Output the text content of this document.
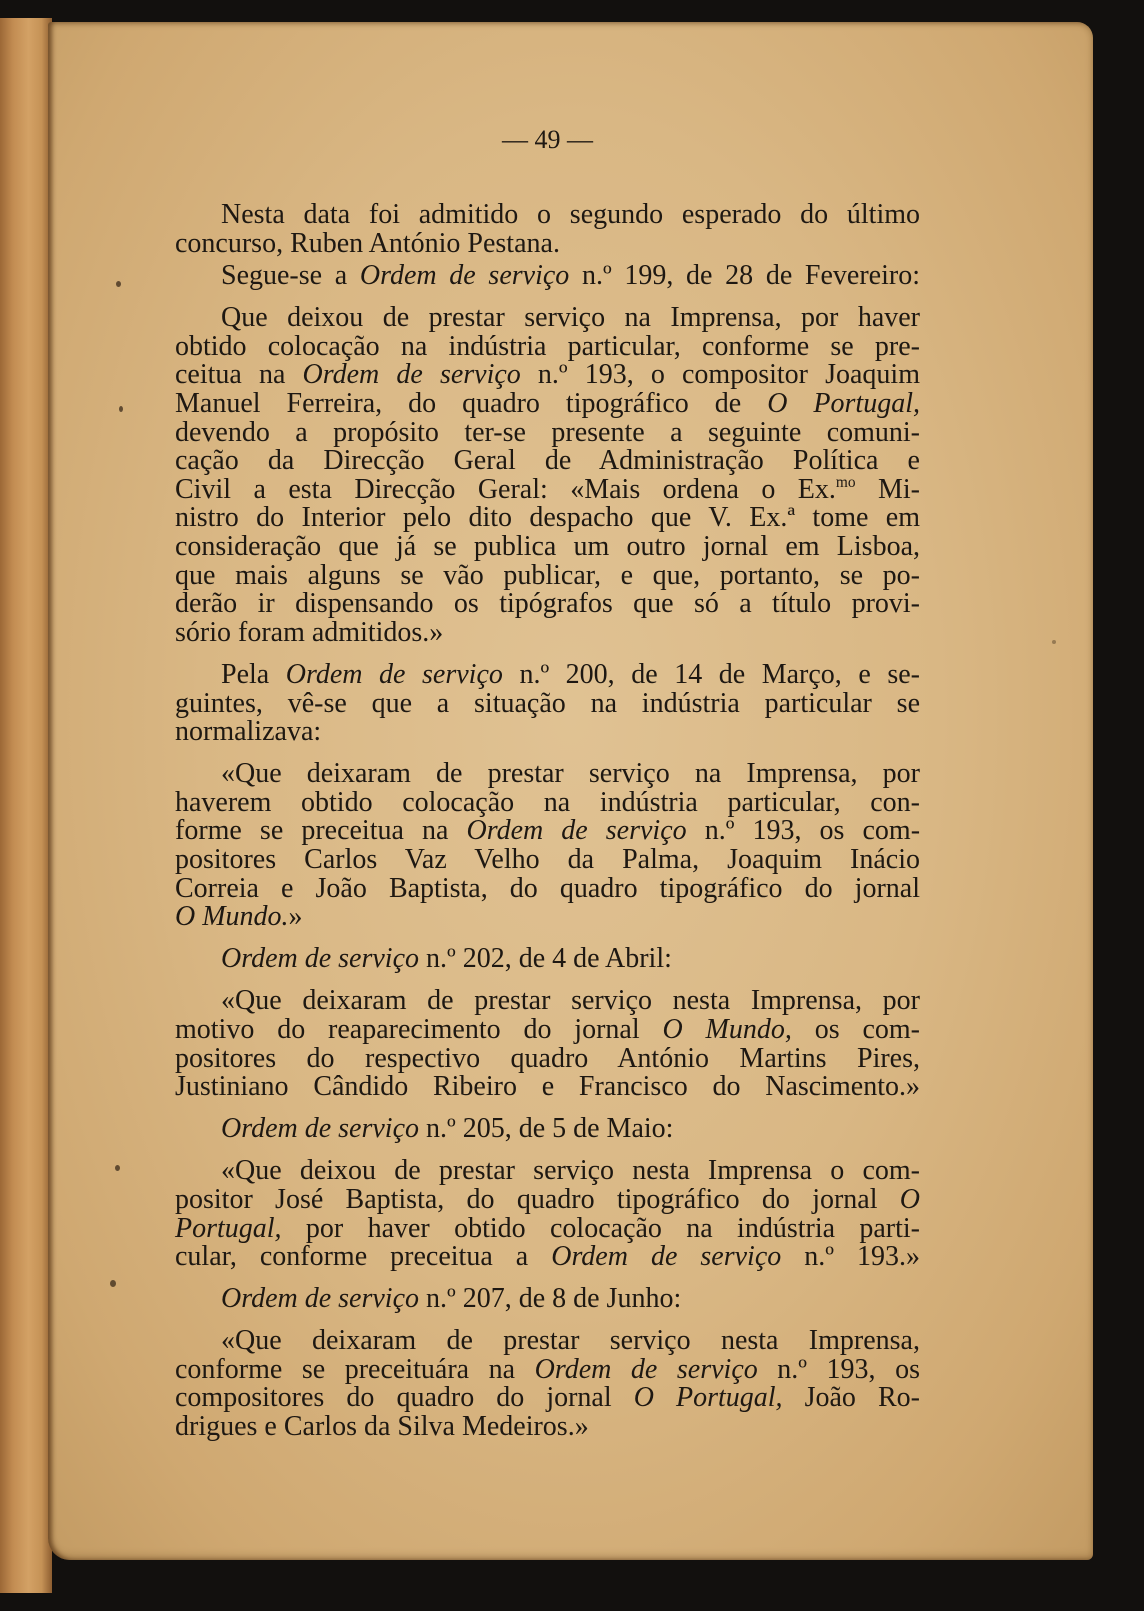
— 49 —
Nesta data foi admitido o segundo esperado do último
concurso, Ruben António Pestana.
Segue-se a Ordem de serviço n.º 199, de 28 de Fevereiro:
Que deixou de prestar serviço na Imprensa, por haver
obtido colocação na indústria particular, conforme se pre-
ceitua na Ordem de serviço n.º 193, o compositor Joaquim
Manuel Ferreira, do quadro tipográfico de O Portugal,
devendo a propósito ter-se presente a seguinte comuni-
cação da Direcção Geral de Administração Política e
Civil a esta Direcção Geral: «Mais ordena o Ex.$^{mo}$ Mi-
nistro do Interior pelo dito despacho que V. Ex.ª tome em
consideração que já se publica um outro jornal em Lisboa,
que mais alguns se vão publicar, e que, portanto, se po-
derão ir dispensando os tipógrafos que só a título provi-
sório foram admitidos.»
Pela Ordem de serviço n.º 200, de 14 de Março, e se-
guintes, vê-se que a situação na indústria particular se
normalizava:
«Que deixaram de prestar serviço na Imprensa, por
haverem obtido colocação na indústria particular, con-
forme se preceitua na Ordem de serviço n.º 193, os com-
positores Carlos Vaz Velho da Palma, Joaquim Inácio
Correia e João Baptista, do quadro tipográfico do jornal
O Mundo.»
Ordem de serviço n.º 202, de 4 de Abril:
«Que deixaram de prestar serviço nesta Imprensa, por
motivo do reaparecimento do jornal O Mundo, os com-
positores do respectivo quadro António Martins Pires,
Justiniano Cândido Ribeiro e Francisco do Nascimento.»
Ordem de serviço n.º 205, de 5 de Maio:
«Que deixou de prestar serviço nesta Imprensa o com-
positor José Baptista, do quadro tipográfico do jornal O
Portugal, por haver obtido colocação na indústria parti-
cular, conforme preceitua a Ordem de serviço n.º 193.»
Ordem de serviço n.º 207, de 8 de Junho:
«Que deixaram de prestar serviço nesta Imprensa,
conforme se preceituára na Ordem de serviço n.º 193, os
compositores do quadro do jornal O Portugal, João Ro-
drigues e Carlos da Silva Medeiros.»
